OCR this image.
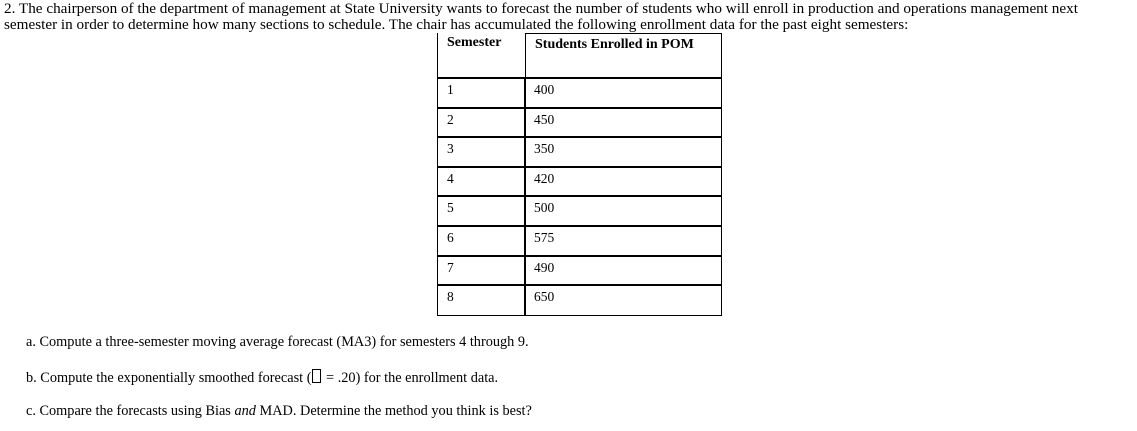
2. The chairperson of the department of management at State University wants to forecast the number of students who will enroll in production and operations management next semester in order to determine how many sections to schedule. The chair has accumulated the following enrollment data for the past eight semesters:

Semester	Students Enrolled in POM
1	400
2	450
3	350
4	420
5	500
6	575
7	490
8	650

a. Compute a three-semester moving average forecast (MA3) for semesters 4 through 9.

b. Compute the exponentially smoothed forecast ( = .20) for the enrollment data.

c. Compare the forecasts using Bias and MAD. Determine the method you think is best?
